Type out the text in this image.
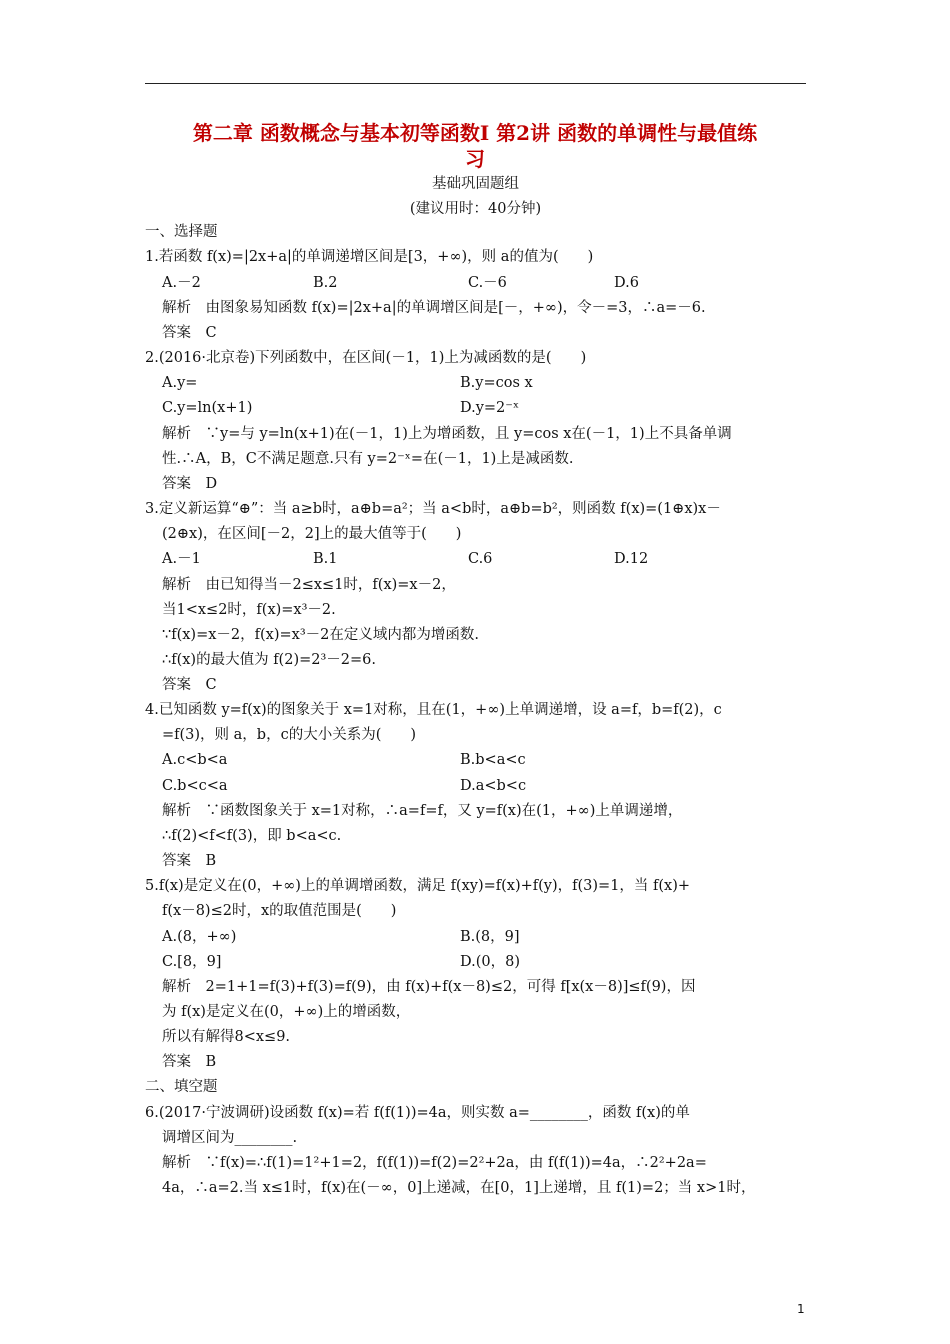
第二章 函数概念与基本初等函数Ⅰ 第2讲 函数的单调性与最值练
习
基础巩固题组
(建议用时：40分钟)
一、选择题
1.若函数 f(x)=|2x+a|的单调递增区间是[3，+∞)，则 a的值为(　　)
A.－2	B.2	C.－6	D.6
解析　由图象易知函数 f(x)=|2x+a|的单调增区间是[－，+∞)，令－=3，∴a=－6.
答案　C
2.(2016·北京卷)下列函数中，在区间(－1，1)上为减函数的是(　　)
A.y=	B.y=cos x
C.y=ln(x+1)	D.y=2⁻ˣ
解析　∵y=与 y=ln(x+1)在(－1，1)上为增函数，且 y=cos x在(－1，1)上不具备单调
性.∴A，B，C不满足题意.只有 y=2⁻ˣ=在(－1，1)上是减函数.
答案　D
3.定义新运算“⊕”：当 a≥b时，a⊕b=a²；当 a<b时，a⊕b=b²，则函数 f(x)=(1⊕x)x－
(2⊕x)，在区间[－2，2]上的最大值等于(　　)
A.－1	B.1	C.6	D.12
解析　由已知得当－2≤x≤1时，f(x)=x－2，
当1<x≤2时，f(x)=x³－2.
∵f(x)=x－2，f(x)=x³－2在定义域内都为增函数.
∴f(x)的最大值为 f(2)=2³－2=6.
答案　C
4.已知函数 y=f(x)的图象关于 x=1对称，且在(1，+∞)上单调递增，设 a=f，b=f(2)，c
=f(3)，则 a，b，c的大小关系为(　　)
A.c<b<a	B.b<a<c
C.b<c<a	D.a<b<c
解析　∵函数图象关于 x=1对称，∴a=f=f，又 y=f(x)在(1，+∞)上单调递增，
∴f(2)<f<f(3)，即 b<a<c.
答案　B
5.f(x)是定义在(0，+∞)上的单调增函数，满足 f(xy)=f(x)+f(y)，f(3)=1，当 f(x)+
f(x－8)≤2时，x的取值范围是(　　)
A.(8，+∞)	B.(8，9]
C.[8，9]	D.(0，8)
解析　2=1+1=f(3)+f(3)=f(9)，由 f(x)+f(x－8)≤2，可得 f[x(x－8)]≤f(9)，因
为 f(x)是定义在(0，+∞)上的增函数，
所以有解得8<x≤9.
答案　B
二、填空题
6.(2017·宁波调研)设函数 f(x)=若 f(f(1))=4a，则实数 a=________，函数 f(x)的单
调增区间为________.
解析　∵f(x)=∴f(1)=1²+1=2，f(f(1))=f(2)=2²+2a，由 f(f(1))=4a，∴2²+2a=
4a，∴a=2.当 x≤1时，f(x)在(－∞，0]上递减，在[0，1]上递增，且 f(1)=2；当 x>1时，
1
